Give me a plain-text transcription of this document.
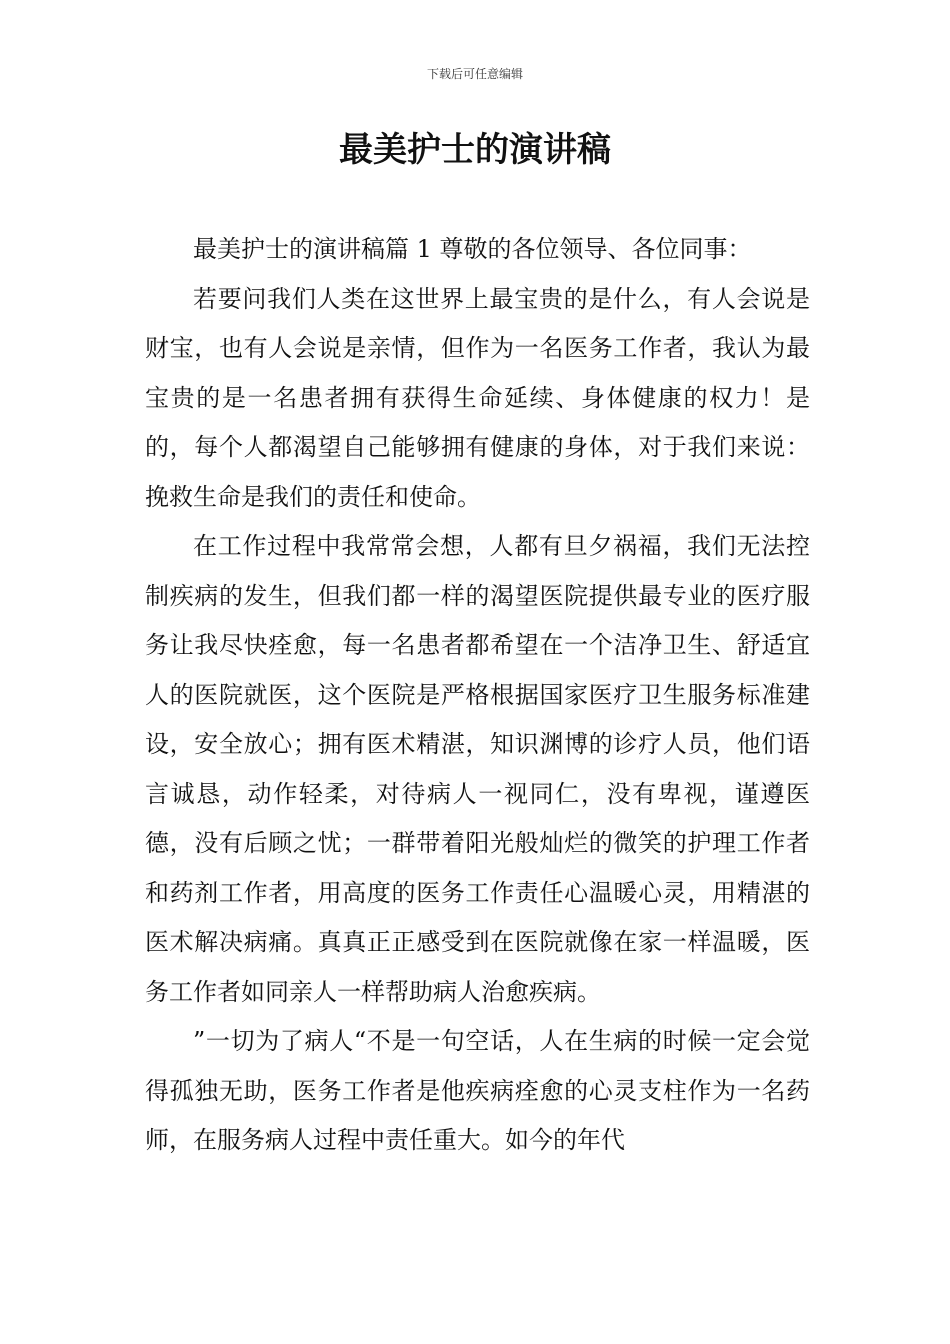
下载后可任意编辑
最美护士的演讲稿

最美护士的演讲稿篇 1 尊敬的各位领导、各位同事：

若要问我们人类在这世界上最宝贵的是什么，有人会说是财宝，也有人会说是亲情，但作为一名医务工作者，我认为最宝贵的是一名患者拥有获得生命延续、身体健康的权力！是的，每个人都渴望自己能够拥有健康的身体，对于我们来说：挽救生命是我们的责任和使命。

在工作过程中我常常会想，人都有旦夕祸福，我们无法控制疾病的发生，但我们都一样的渴望医院提供最专业的医疗服务让我尽快痊愈，每一名患者都希望在一个洁净卫生、舒适宜人的医院就医，这个医院是严格根据国家医疗卫生服务标准建设，安全放心；拥有医术精湛，知识渊博的诊疗人员，他们语言诚恳，动作轻柔，对待病人一视同仁，没有卑视，谨遵医德，没有后顾之忧；一群带着阳光般灿烂的微笑的护理工作者和药剂工作者，用高度的医务工作责任心温暖心灵，用精湛的医术解决病痛。真真正正感受到在医院就像在家一样温暖，医务工作者如同亲人一样帮助病人治愈疾病。

”一切为了病人“不是一句空话，人在生病的时候一定会觉得孤独无助，医务工作者是他疾病痊愈的心灵支柱作为一名药师，在服务病人过程中责任重大。如今的年代
